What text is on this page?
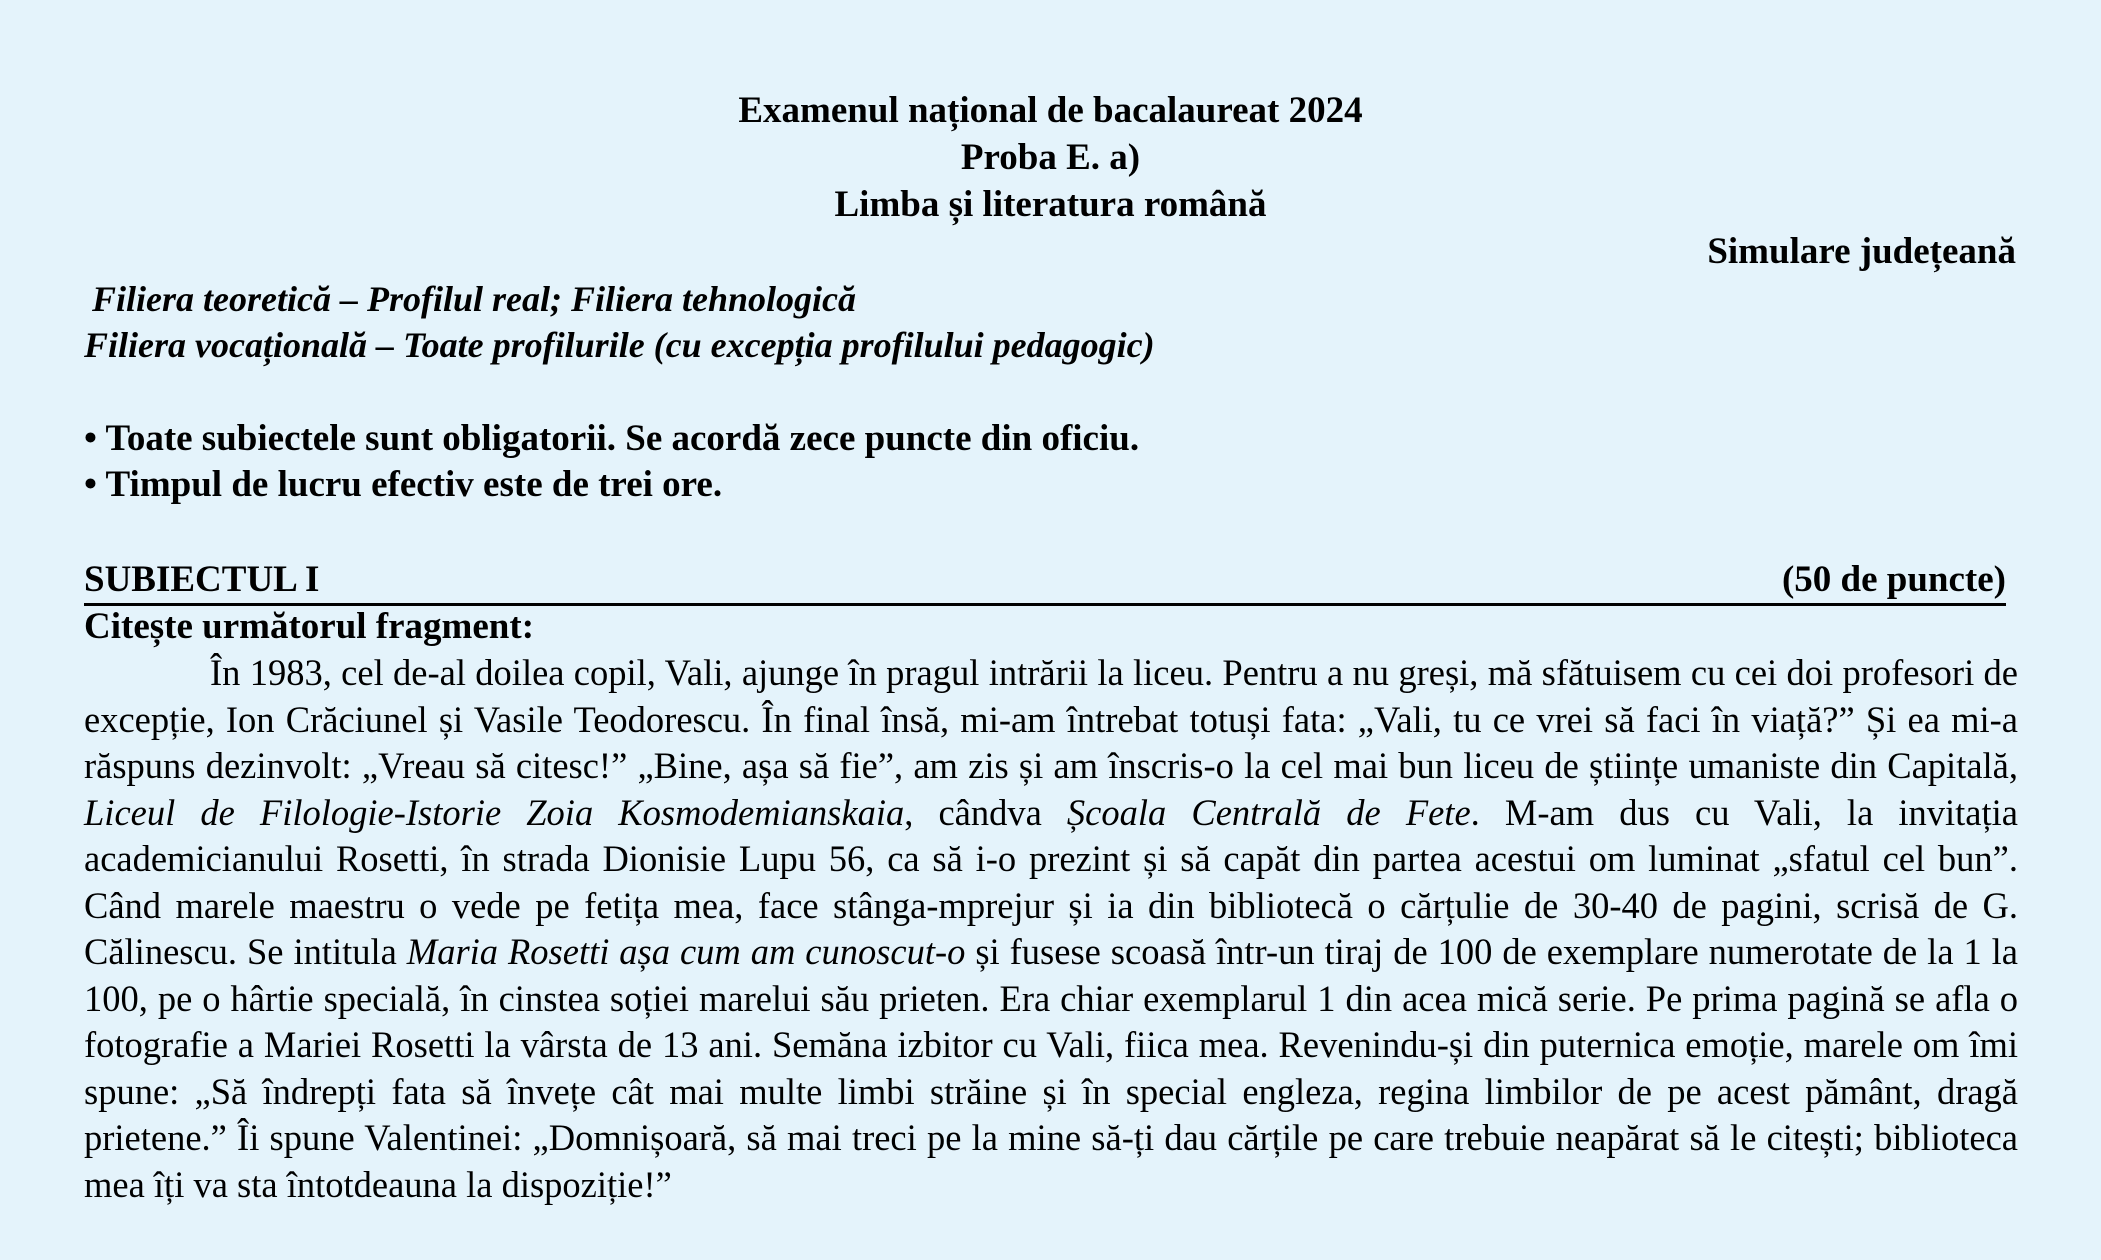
Examenul național de bacalaureat 2024
Proba E. a)
Limba și literatura română
Simulare județeană
Filiera teoretică – Profilul real; Filiera tehnologică
Filiera vocațională – Toate profilurile (cu excepția profilului pedagogic)
• Toate subiectele sunt obligatorii. Se acordă zece puncte din oficiu.
• Timpul de lucru efectiv este de trei ore.
SUBIECTUL I	(50 de puncte)
Citește următorul fragment:

În 1983, cel de-al doilea copil, Vali, ajunge în pragul intrării la liceu. Pentru a nu greși, mă sfătuisem cu cei doi profesori de excepție, Ion Crăciunel și Vasile Teodorescu. În final însă, mi-am întrebat totuși fata: „Vali, tu ce vrei să faci în viață?” Și ea mi-a răspuns dezinvolt: „Vreau să citesc!” „Bine, așa să fie”, am zis și am înscris-o la cel mai bun liceu de științe umaniste din Capitală, Liceul de Filologie-Istorie Zoia Kosmodemianskaia, cândva Școala Centrală de Fete. M-am dus cu Vali, la invitația academicianului Rosetti, în strada Dionisie Lupu 56, ca să i-o prezint și să capăt din partea acestui om luminat „sfatul cel bun”. Când marele maestru o vede pe fetița mea, face stânga-mprejur și ia din bibliotecă o cărțulie de 30-40 de pagini, scrisă de G. Călinescu. Se intitula Maria Rosetti așa cum am cunoscut-o și fusese scoasă într-un tiraj de 100 de exemplare numerotate de la 1 la 100, pe o hârtie specială, în cinstea soției marelui său prieten. Era chiar exemplarul 1 din acea mică serie. Pe prima pagină se afla o fotografie a Mariei Rosetti la vârsta de 13 ani. Semăna izbitor cu Vali, fiica mea. Revenindu-și din puternica emoție, marele om îmi spune: „Să îndrepți fata să învețe cât mai multe limbi străine și în special engleza, regina limbilor de pe acest pământ, dragă prietene.” Îi spune Valentinei: „Domnișoară, să mai treci pe la mine să-ți dau cărțile pe care trebuie neapărat să le citești; biblioteca mea îți va sta întotdeauna la dispoziție!”
